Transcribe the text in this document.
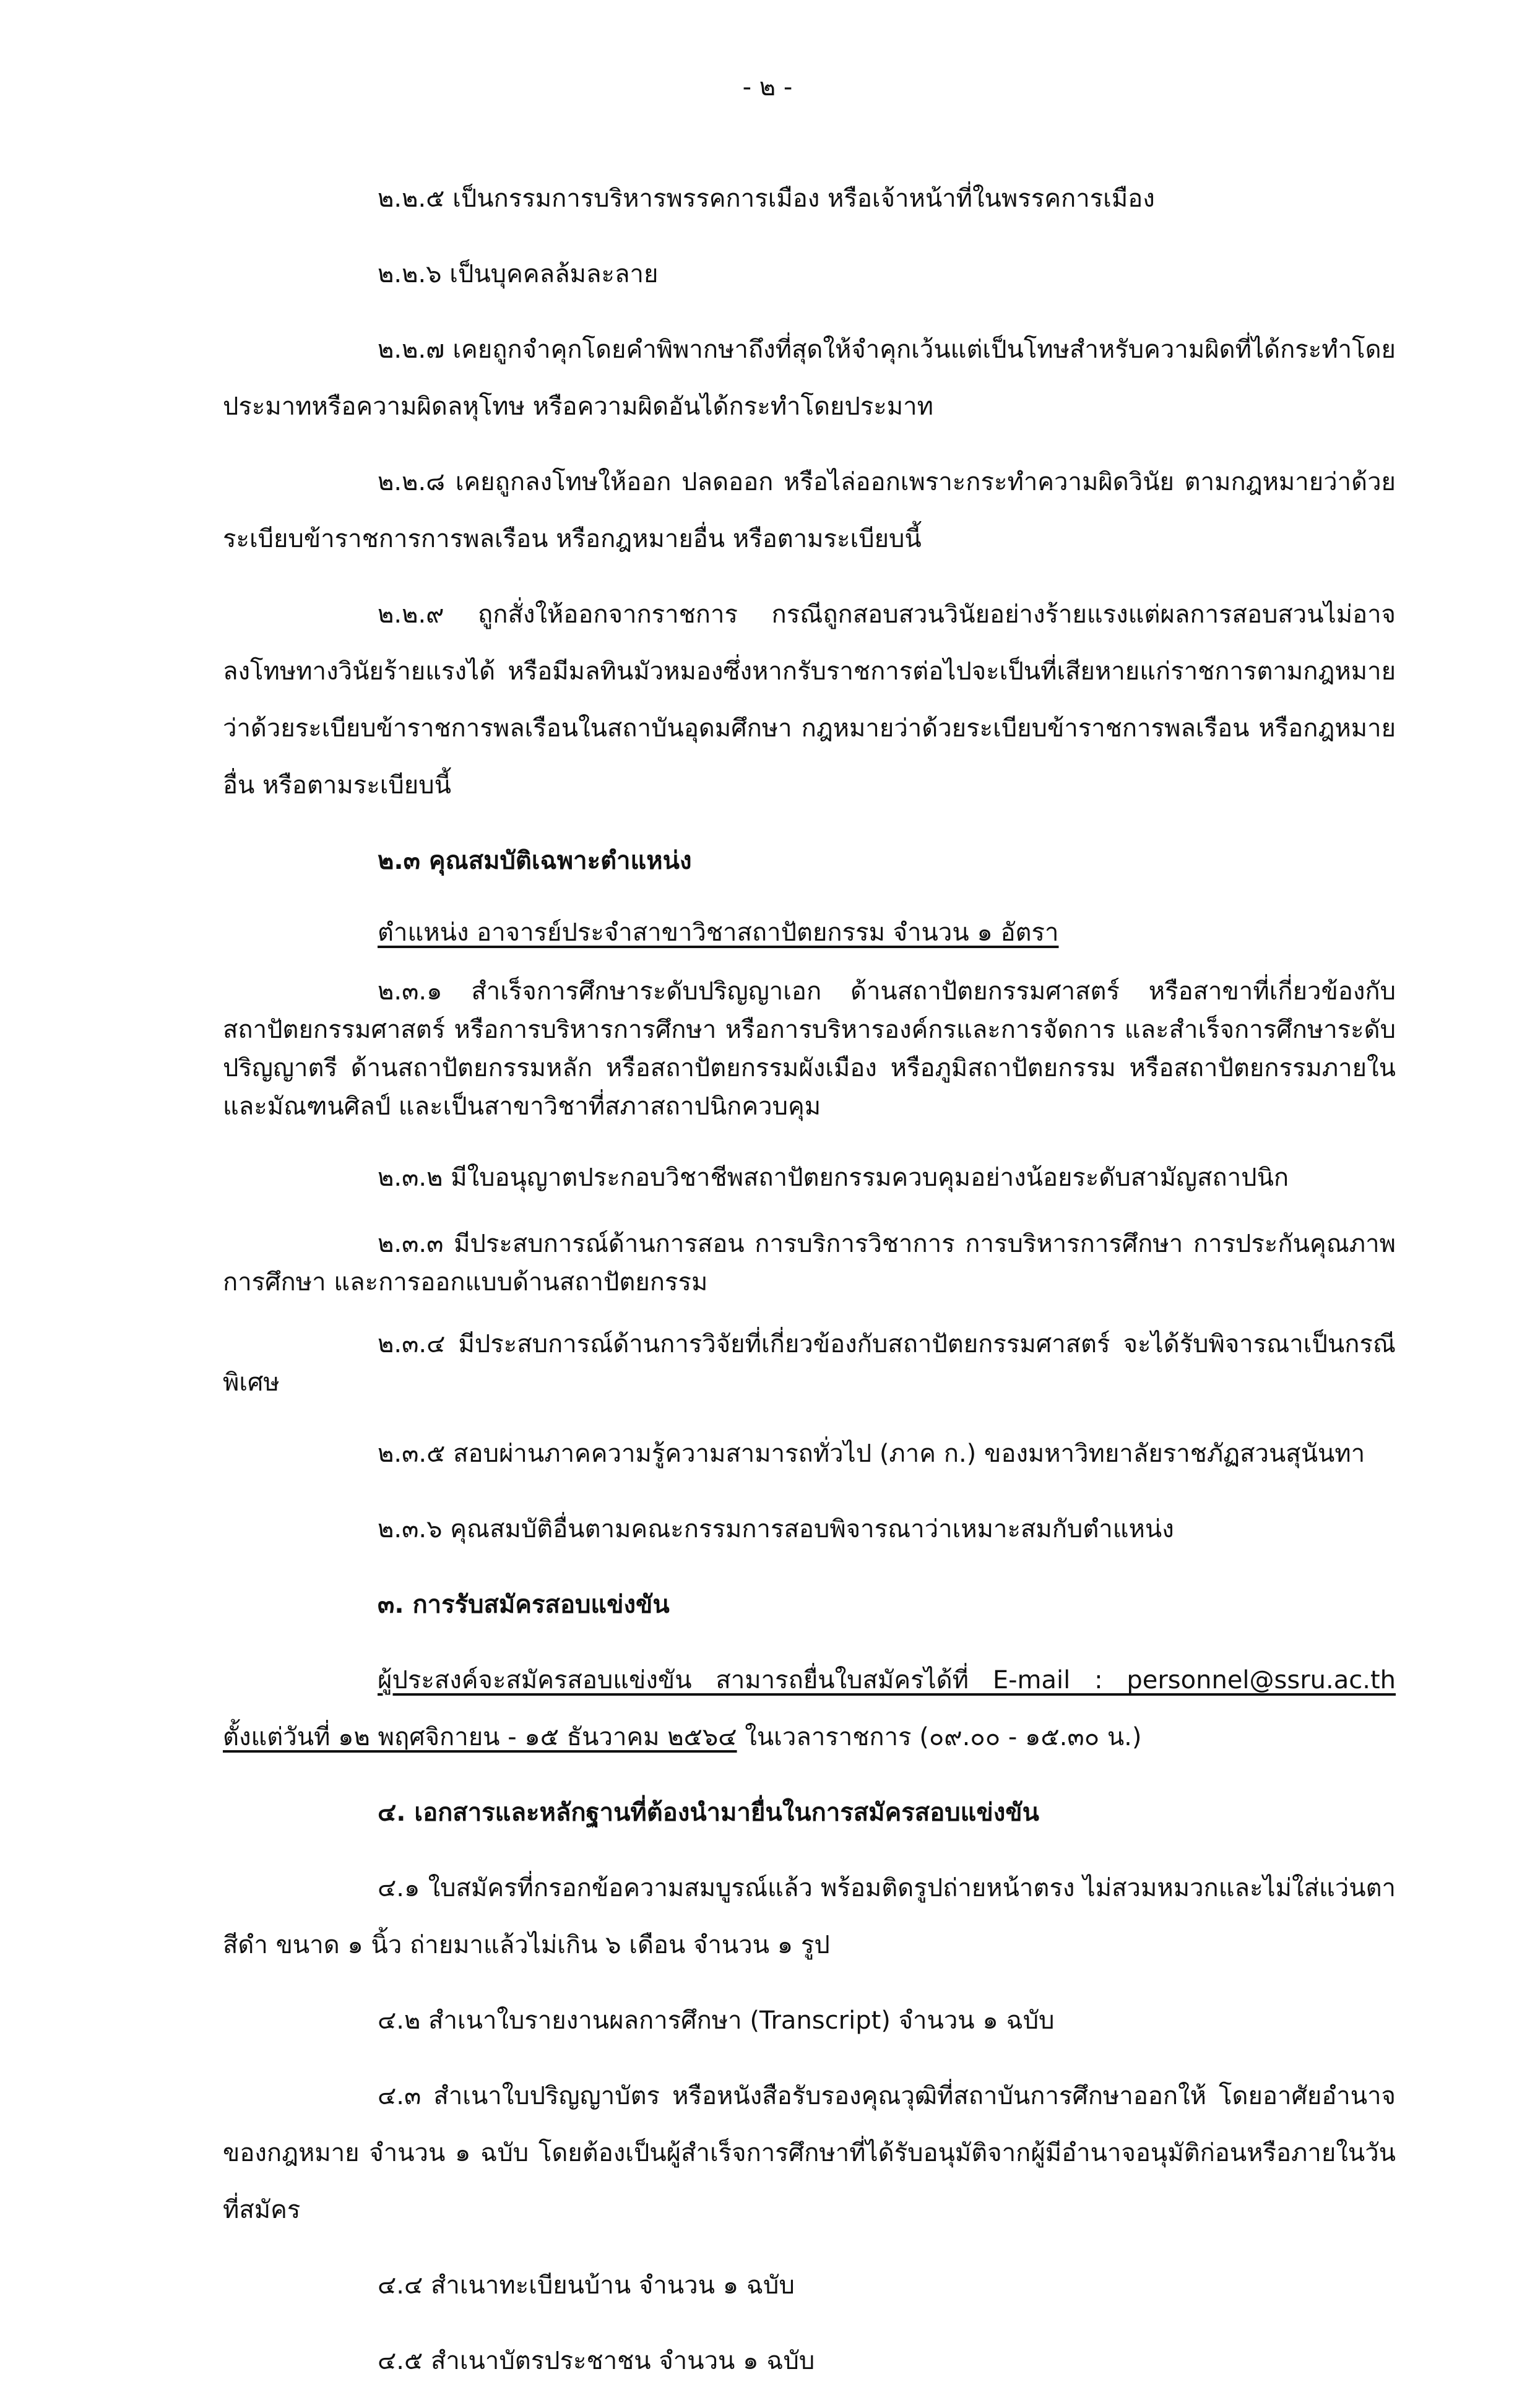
- ๒ -

๒.๒.๕ เป็นกรรมการบริหารพรรคการเมือง หรือเจ้าหน้าที่ในพรรคการเมือง

๒.๒.๖ เป็นบุคคลล้มละลาย

๒.๒.๗ เคยถูกจำคุกโดยคำพิพากษาถึงที่สุดให้จำคุกเว้นแต่เป็นโทษสำหรับความผิดที่ได้กระทำโดยประมาทหรือความผิดลหุโทษ หรือความผิดอันได้กระทำโดยประมาท

๒.๒.๘ เคยถูกลงโทษให้ออก ปลดออก หรือไล่ออกเพราะกระทำความผิดวินัย ตามกฎหมายว่าด้วยระเบียบข้าราชการการพลเรือน หรือกฎหมายอื่น หรือตามระเบียบนี้

๒.๒.๙ ถูกสั่งให้ออกจากราชการ กรณีถูกสอบสวนวินัยอย่างร้ายแรงแต่ผลการสอบสวนไม่อาจลงโทษทางวินัยร้ายแรงได้ หรือมีมลทินมัวหมองซึ่งหากรับราชการต่อไปจะเป็นที่เสียหายแก่ราชการตามกฎหมายว่าด้วยระเบียบข้าราชการพลเรือนในสถาบันอุดมศึกษา กฎหมายว่าด้วยระเบียบข้าราชการพลเรือน หรือกฎหมายอื่น หรือตามระเบียบนี้

๒.๓ คุณสมบัติเฉพาะตำแหน่ง

ตำแหน่ง อาจารย์ประจำสาขาวิชาสถาปัตยกรรม จำนวน ๑ อัตรา

๒.๓.๑ สำเร็จการศึกษาระดับปริญญาเอก ด้านสถาปัตยกรรมศาสตร์ หรือสาขาที่เกี่ยวข้องกับสถาปัตยกรรมศาสตร์ หรือการบริหารการศึกษา หรือการบริหารองค์กรและการจัดการ และสำเร็จการศึกษาระดับปริญญาตรี ด้านสถาปัตยกรรมหลัก หรือสถาปัตยกรรมผังเมือง หรือภูมิสถาปัตยกรรม หรือสถาปัตยกรรมภายในและมัณฑนศิลป์ และเป็นสาขาวิชาที่สภาสถาปนิกควบคุม

๒.๓.๒ มีใบอนุญาตประกอบวิชาชีพสถาปัตยกรรมควบคุมอย่างน้อยระดับสามัญสถาปนิก

๒.๓.๓ มีประสบการณ์ด้านการสอน การบริการวิชาการ การบริหารการศึกษา การประกันคุณภาพการศึกษา และการออกแบบด้านสถาปัตยกรรม

๒.๓.๔ มีประสบการณ์ด้านการวิจัยที่เกี่ยวข้องกับสถาปัตยกรรมศาสตร์ จะได้รับพิจารณาเป็นกรณีพิเศษ

๒.๓.๕ สอบผ่านภาคความรู้ความสามารถทั่วไป (ภาค ก.) ของมหาวิทยาลัยราชภัฏสวนสุนันทา

๒.๓.๖ คุณสมบัติอื่นตามคณะกรรมการสอบพิจารณาว่าเหมาะสมกับตำแหน่ง

๓. การรับสมัครสอบแข่งขัน

ผู้ประสงค์จะสมัครสอบแข่งขัน สามารถยื่นใบสมัครได้ที่ E-mail : personnel@ssru.ac.th ตั้งแต่วันที่ ๑๒ พฤศจิกายน - ๑๕ ธันวาคม ๒๕๖๔ ในเวลาราชการ (๐๙.๐๐ - ๑๕.๓๐ น.)

๔. เอกสารและหลักฐานที่ต้องนำมายื่นในการสมัครสอบแข่งขัน

๔.๑ ใบสมัครที่กรอกข้อความสมบูรณ์แล้ว พร้อมติดรูปถ่ายหน้าตรง ไม่สวมหมวกและไม่ใส่แว่นตาสีดำ ขนาด ๑ นิ้ว ถ่ายมาแล้วไม่เกิน ๖ เดือน จำนวน ๑ รูป

๔.๒ สำเนาใบรายงานผลการศึกษา (Transcript) จำนวน ๑ ฉบับ

๔.๓ สำเนาใบปริญญาบัตร หรือหนังสือรับรองคุณวุฒิที่สถาบันการศึกษาออกให้ โดยอาศัยอำนาจของกฎหมาย จำนวน ๑ ฉบับ โดยต้องเป็นผู้สำเร็จการศึกษาที่ได้รับอนุมัติจากผู้มีอำนาจอนุมัติก่อนหรือภายในวันที่สมัคร

๔.๔ สำเนาทะเบียนบ้าน จำนวน ๑ ฉบับ

๔.๕ สำเนาบัตรประชาชน จำนวน ๑ ฉบับ
